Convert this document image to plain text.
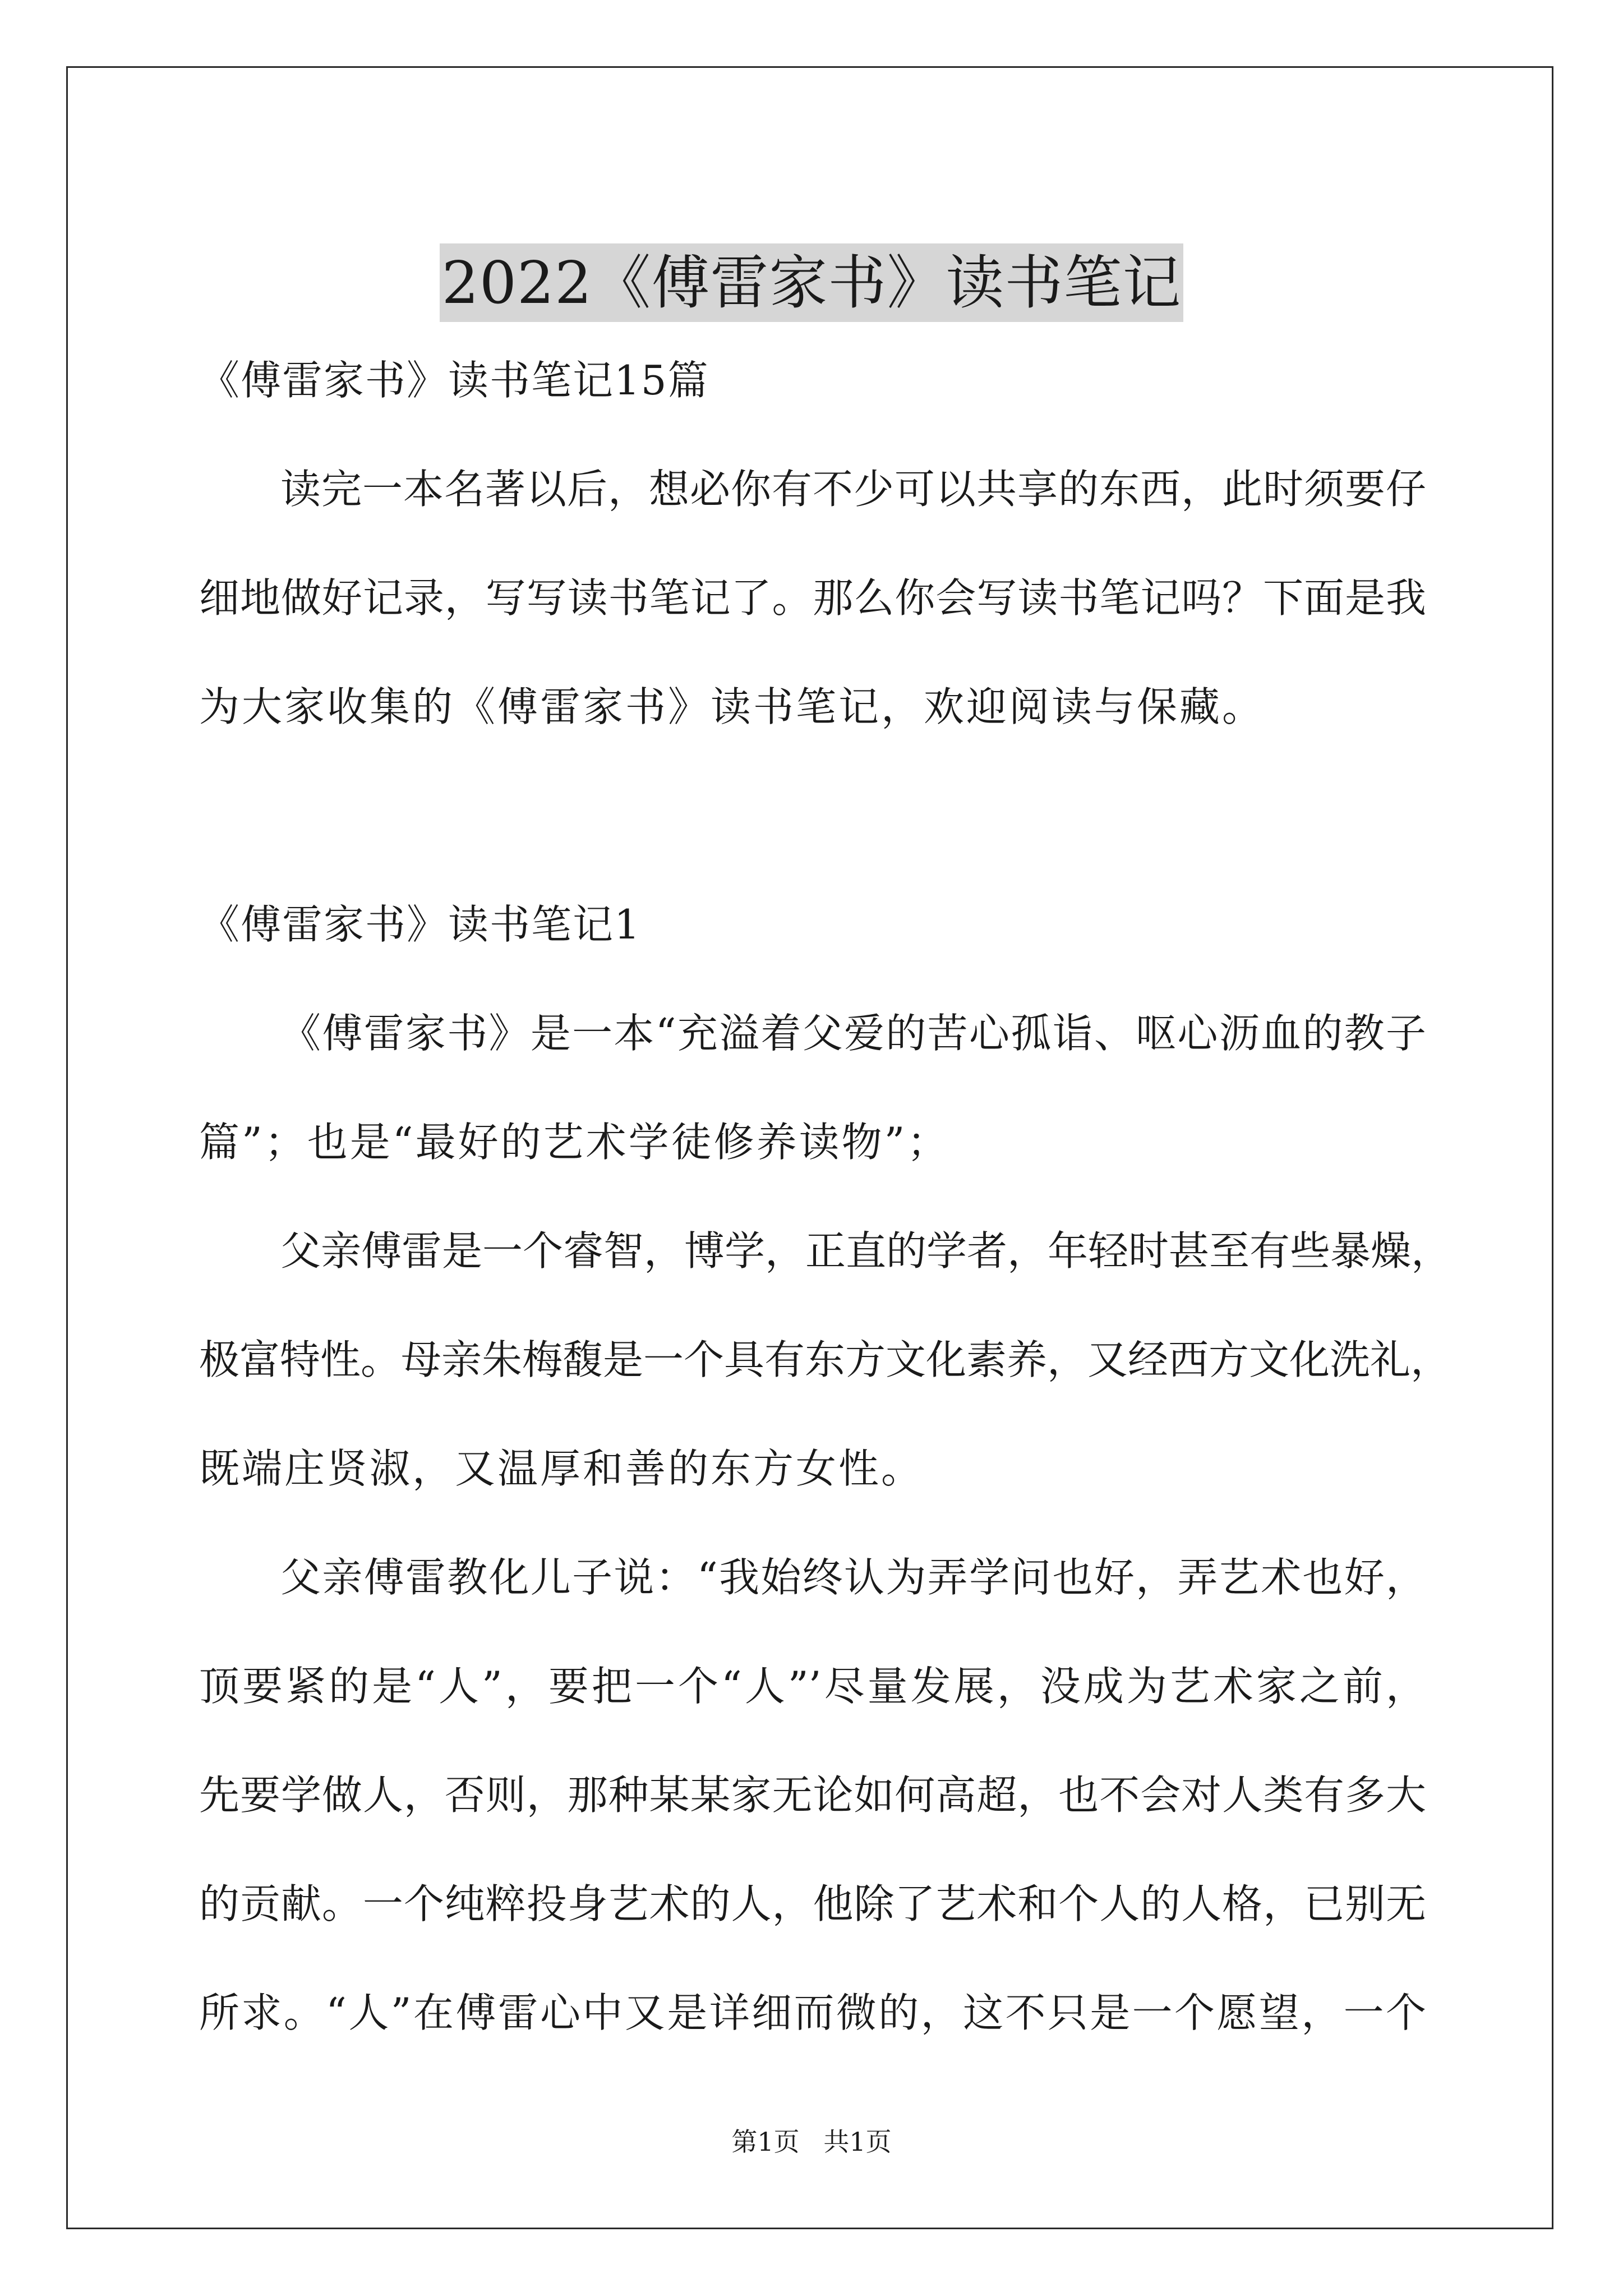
2022《傅雷家书》读书笔记
《傅雷家书》读书笔记15篇
读完一本名著以后，想必你有不少可以共享的东西，此时须要仔
细地做好记录，写写读书笔记了。那么你会写读书笔记吗？下面是我
为大家收集的《傅雷家书》读书笔记，欢迎阅读与保藏。
《傅雷家书》读书笔记1
《傅雷家书》是一本“充溢着父爱的苦心孤诣、呕心沥血的教子
篇”；也是“最好的艺术学徒修养读物”；
父亲傅雷是一个睿智，博学，正直的学者，年轻时甚至有些暴燥，
极富特性。母亲朱梅馥是一个具有东方文化素养，又经西方文化洗礼，
既端庄贤淑，又温厚和善的东方女性。
父亲傅雷教化儿子说：“我始终认为弄学问也好，弄艺术也好，
顶要紧的是“人”，要把一个“人”’尽量发展，没成为艺术家之前，
先要学做人，否则，那种某某家无论如何高超，也不会对人类有多大
的贡献。一个纯粹投身艺术的人，他除了艺术和个人的人格，已别无
所求。“人”在傅雷心中又是详细而微的，这不只是一个愿望，一个
第1页 共1页
